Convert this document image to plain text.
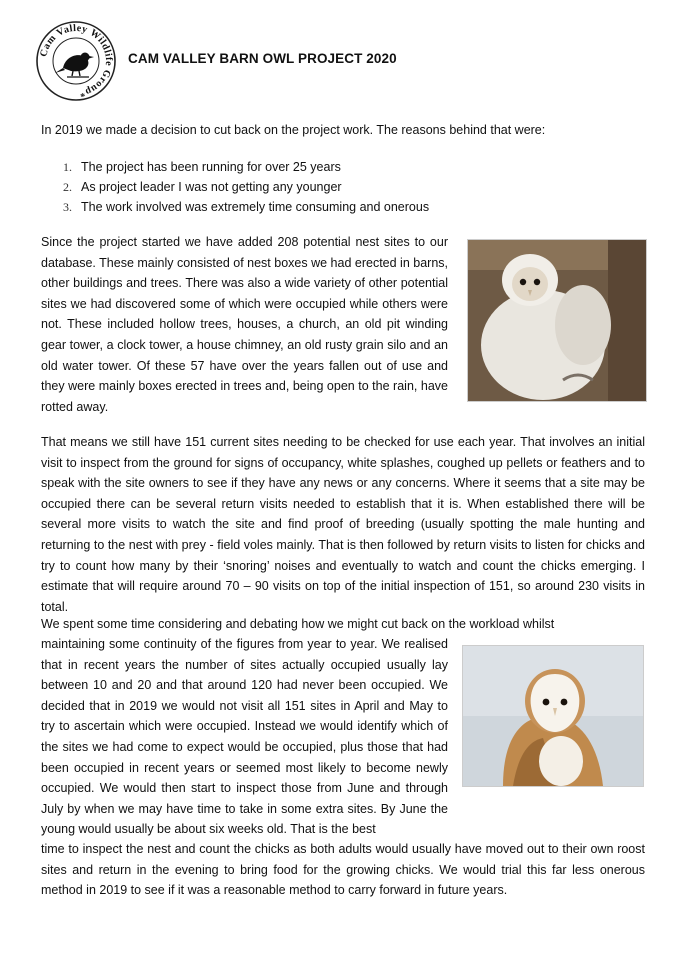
Cam Valley Wildlife Group*
CAM VALLEY BARN OWL PROJECT 2020
In 2019 we made a decision to cut back on the project work. The reasons behind that were:
1. The project has been running for over 25 years
2. As project leader I was not getting any younger
3. The work involved was extremely time consuming and onerous

Since the project started we have added 208 potential nest sites to our database. These mainly consisted of nest boxes we had erected in barns, other buildings and trees. There was also a wide variety of other potential sites we had discovered some of which were occupied while others were not. These included hollow trees, houses, a church, an old pit winding gear tower, a clock tower, a house chimney, an old rusty grain silo and an old water tower. Of these 57 have over the years fallen out of use and they were mainly boxes erected in trees and, being open to the rain, have rotted away.

That means we still have 151 current sites needing to be checked for use each year. That involves an initial visit to inspect from the ground for signs of occupancy, white splashes, coughed up pellets or feathers and to speak with the site owners to see if they have any news or any concerns. Where it seems that a site may be occupied there can be several return visits needed to establish that it is. When established there will be several more visits to watch the site and find proof of breeding (usually spotting the male hunting and returning to the nest with prey - field voles mainly. That is then followed by return visits to listen for chicks and try to count how many by their ‘snoring’ noises and eventually to watch and count the chicks emerging. I estimate that will require around 70 – 90 visits on top of the initial inspection of 151, so around 230 visits in total.

We spent some time considering and debating how we might cut back on the workload whilst

maintaining some continuity of the figures from year to year. We realised that in recent years the number of sites actually occupied usually lay between 10 and 20 and that around 120 had never been occupied. We decided that in 2019 we would not visit all 151 sites in April and May to try to ascertain which were occupied. Instead we would identify which of the sites we had come to expect would be occupied, plus those that had been occupied in recent years or seemed most likely to become newly occupied. We would then start to inspect those from June and through July by when we may have time to take in some extra sites. By June the young would usually be about six weeks old. That is the best

time to inspect the nest and count the chicks as both adults would usually have moved out to their own roost sites and return in the evening to bring food for the growing chicks. We would trial this far less onerous method in 2019 to see if it was a reasonable method to carry forward in future years.
